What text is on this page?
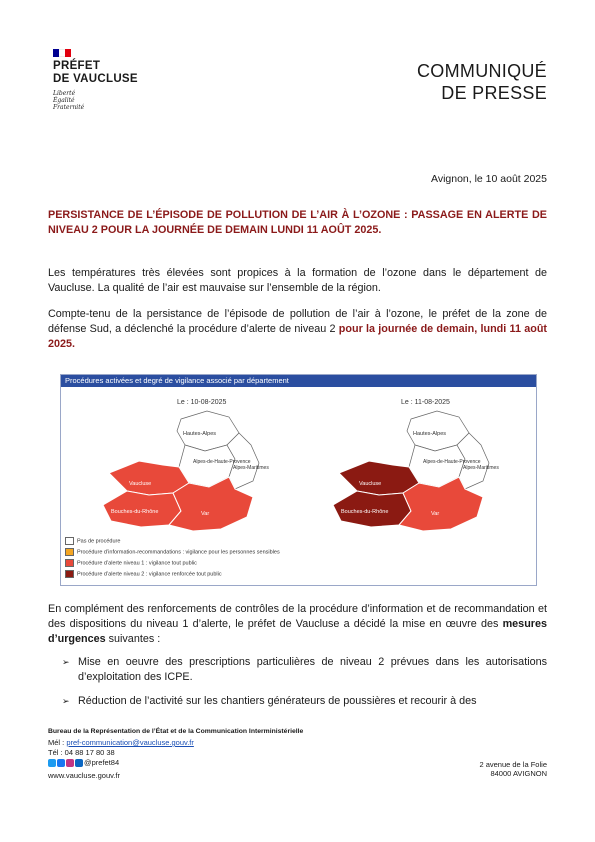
PRÉFET
DE VAUCLUSE
Liberté
Égalité
Fraternité
COMMUNIQUÉ
DE PRESSE
Avignon, le 10 août 2025
PERSISTANCE DE L’ÉPISODE DE POLLUTION DE L’AIR À L’OZONE : PASSAGE EN ALERTE DE NIVEAU 2 POUR LA JOURNÉE DE DEMAIN LUNDI 11 AOÛT 2025.
Les températures très élevées sont propices à la formation de l’ozone dans le département de Vaucluse. La qualité de l’air est mauvaise sur l’ensemble de la région.
Compte-tenu de la persistance de l’épisode de pollution de l’air à l’ozone, le préfet de la zone de défense Sud, a déclenché la procédure d’alerte de niveau 2 pour la journée de demain, lundi 11 août 2025.
Procédures activées et degré de vigilance associé par département
Le : 10-08-2025	Le : 11-08-2025
Hautes-Alpes
Alpes-de-Haute-Provence
Alpes-Maritimes
Vaucluse
Bouches-du-Rhône	Var
Hautes-Alpes
Alpes-de-Haute-Provence
Alpes-Maritimes
Vaucluse
Bouches-du-Rhône	Var
Pas de procédure
Procédure d’information-recommandations : vigilance pour les personnes sensibles
Procédure d’alerte niveau 1 : vigilance tout public
Procédure d’alerte niveau 2 : vigilance renforcée tout public
En complément des renforcements de contrôles de la procédure d’information et de recommandation et des dispositions du niveau 1 d’alerte, le préfet de Vaucluse a décidé la mise en œuvre des mesures d’urgences suivantes :
➢ Mise en oeuvre des prescriptions particulières de niveau 2 prévues dans les autorisations d’exploitation des ICPE.
➢ Réduction de l’activité sur les chantiers générateurs de poussières et recourir à des
Bureau de la Représentation de l’État et de la Communication Interministérielle
Mél : pref-communication@vaucluse.gouv.fr
Tél : 04 88 17 80 38
@prefet84
www.vaucluse.gouv.fr
2 avenue de la Folie
84000 AVIGNON
